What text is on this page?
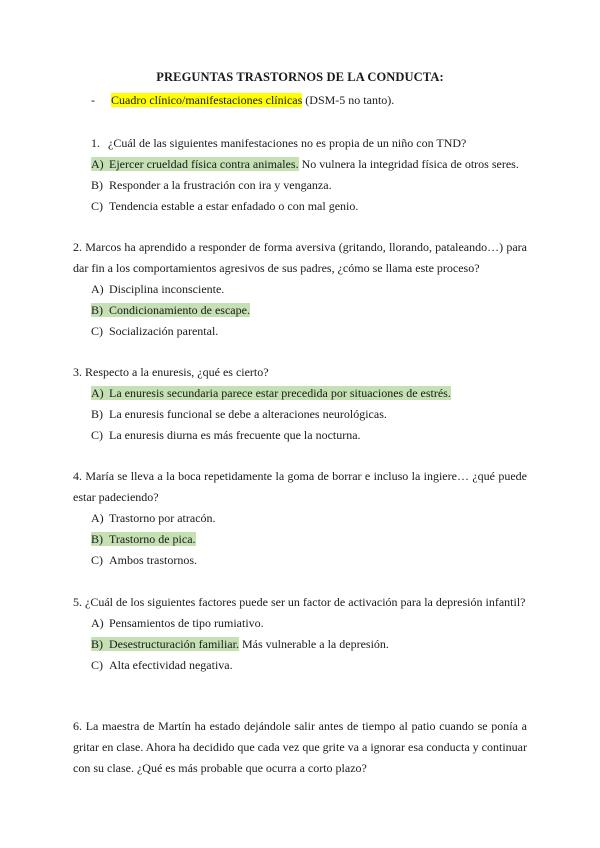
PREGUNTAS TRASTORNOS DE LA CONDUCTA:
- Cuadro clínico/manifestaciones clínicas (DSM-5 no tanto).
1. ¿Cuál de las siguientes manifestaciones no es propia de un niño con TND?
A) Ejercer crueldad física contra animales. No vulnera la integridad física de otros seres.
B) Responder a la frustración con ira y venganza.
C) Tendencia estable a estar enfadado o con mal genio.
2. Marcos ha aprendido a responder de forma aversiva (gritando, llorando, pataleando…) para dar fin a los comportamientos agresivos de sus padres, ¿cómo se llama este proceso?
A) Disciplina inconsciente.
B) Condicionamiento de escape.
C) Socialización parental.
3. Respecto a la enuresis, ¿qué es cierto?
A) La enuresis secundaria parece estar precedida por situaciones de estrés.
B) La enuresis funcional se debe a alteraciones neurológicas.
C) La enuresis diurna es más frecuente que la nocturna.
4. María se lleva a la boca repetidamente la goma de borrar e incluso la ingiere… ¿qué puede estar padeciendo?
A) Trastorno por atracón.
B) Trastorno de pica.
C) Ambos trastornos.
5. ¿Cuál de los siguientes factores puede ser un factor de activación para la depresión infantil?
A) Pensamientos de tipo rumiativo.
B) Desestructuración familiar. Más vulnerable a la depresión.
C) Alta efectividad negativa.
6. La maestra de Martín ha estado dejándole salir antes de tiempo al patio cuando se ponía a gritar en clase. Ahora ha decidido que cada vez que grite va a ignorar esa conducta y continuar con su clase. ¿Qué es más probable que ocurra a corto plazo?
